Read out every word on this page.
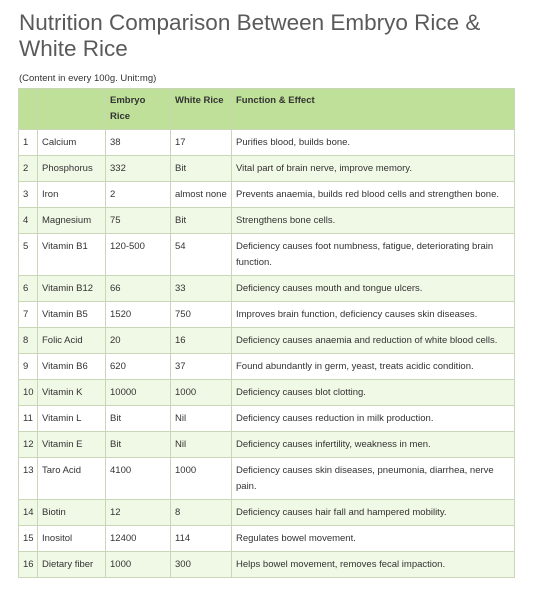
Nutrition Comparison Between Embryo Rice & White Rice
(Content in every 100g. Unit:mg)
		Embryo Rice	White Rice	Function & Effect
1	Calcium	38	17	Purifies blood, builds bone.
2	Phosphorus	332	Bit	Vital part of brain nerve, improve memory.
3	Iron	2	almost none	Prevents anaemia, builds red blood cells and strengthen bone.
4	Magnesium	75	Bit	Strengthens bone cells.
5	Vitamin B1	120-500	54	Deficiency causes foot numbness, fatigue, deteriorating brain function.
6	Vitamin B12	66	33	Deficiency causes mouth and tongue ulcers.
7	Vitamin B5	1520	750	Improves brain function, deficiency causes skin diseases.
8	Folic Acid	20	16	Deficiency causes anaemia and reduction of white blood cells.
9	Vitamin B6	620	37	Found abundantly in germ, yeast, treats acidic condition.
10	Vitamin K	10000	1000	Deficiency causes blot clotting.
11	Vitamin L	Bit	Nil	Deficiency causes reduction in milk production.
12	Vitamin E	Bit	Nil	Deficiency causes infertility, weakness in men.
13	Taro Acid	4100	1000	Deficiency causes skin diseases, pneumonia, diarrhea, nerve pain.
14	Biotin	12	8	Deficiency causes hair fall and hampered mobility.
15	Inositol	12400	114	Regulates bowel movement.
16	Dietary fiber	1000	300	Helps bowel movement, removes fecal impaction.
